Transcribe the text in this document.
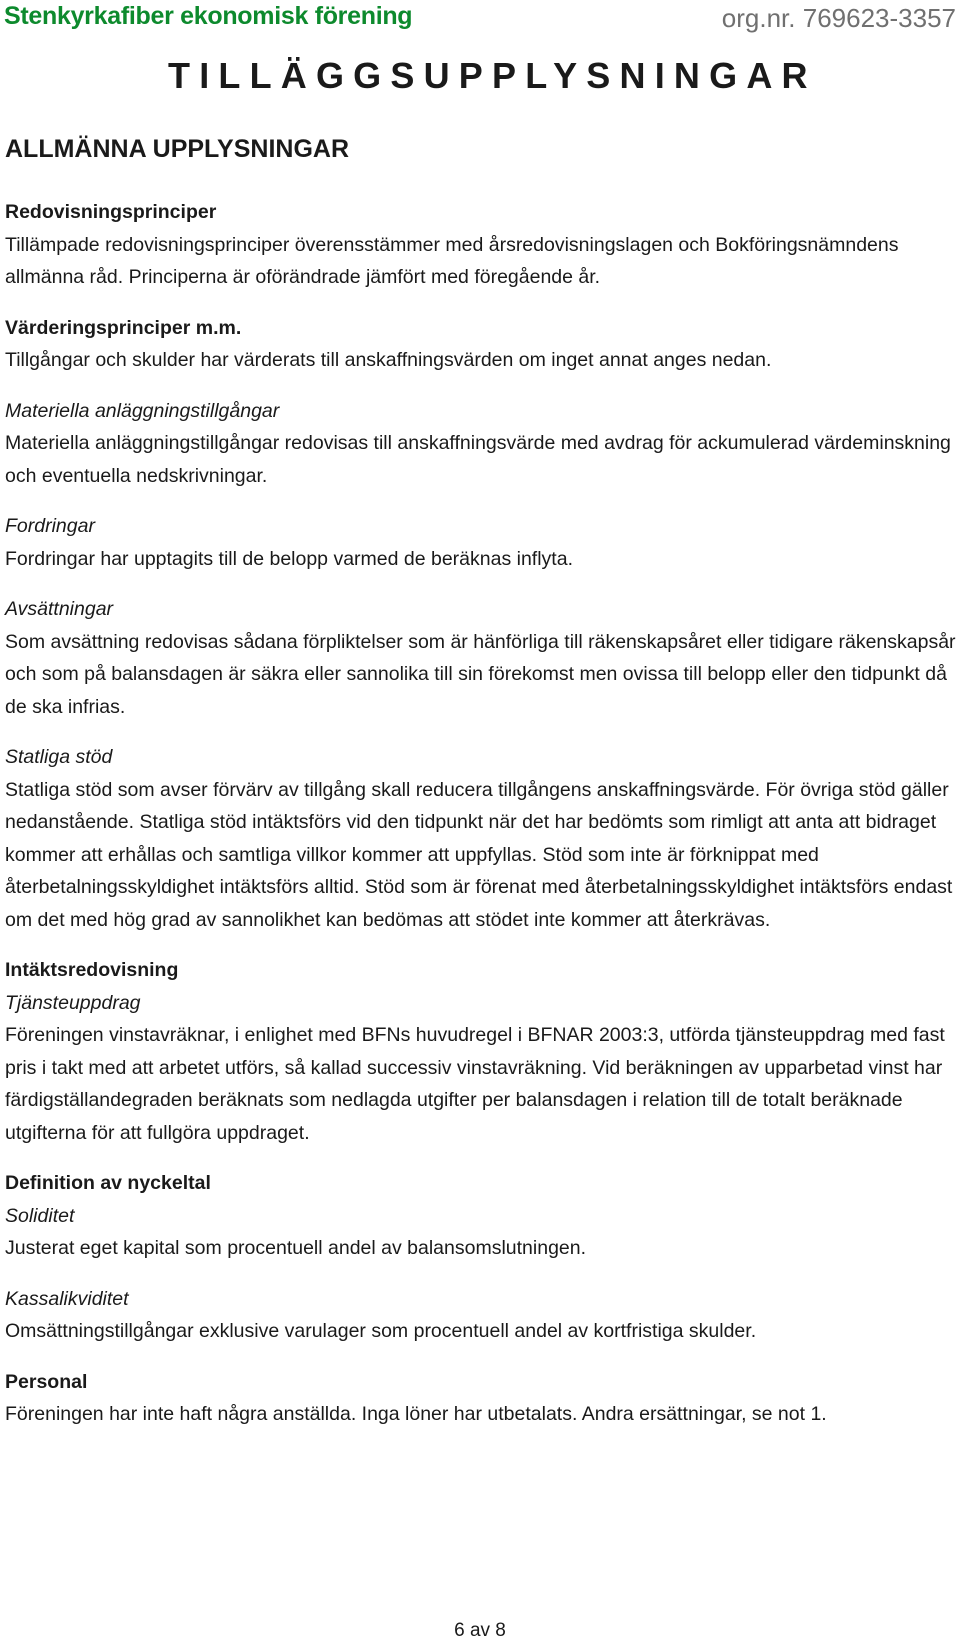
Stenkyrkafiber ekonomisk förening	org.nr. 769623-3357
TILLÄGGSUPPLYSNINGAR
ALLMÄNNA UPPLYSNINGAR

Redovisningsprinciper

Tillämpade redovisningsprinciper överensstämmer med årsredovisningslagen och Bokföringsnämndens allmänna råd. Principerna är oförändrade jämfört med föregående år.

Värderingsprinciper m.m.

Tillgångar och skulder har värderats till anskaffningsvärden om inget annat anges nedan.

Materiella anläggningstillgångar

Materiella anläggningstillgångar redovisas till anskaffningsvärde med avdrag för ackumulerad värdeminskning och eventuella nedskrivningar.

Fordringar

Fordringar har upptagits till de belopp varmed de beräknas inflyta.

Avsättningar

Som avsättning redovisas sådana förpliktelser som är hänförliga till räkenskapsåret eller tidigare räkenskapsår och som på balansdagen är säkra eller sannolika till sin förekomst men ovissa till belopp eller den tidpunkt då de ska infrias.

Statliga stöd

Statliga stöd som avser förvärv av tillgång skall reducera tillgångens anskaffningsvärde. För övriga stöd gäller nedanstående. Statliga stöd intäktsförs vid den tidpunkt när det har bedömts som rimligt att anta att bidraget kommer att erhållas och samtliga villkor kommer att uppfyllas. Stöd som inte är förknippat med återbetalningsskyldighet intäktsförs alltid. Stöd som är förenat med återbetalningsskyldighet intäktsförs endast om det med hög grad av sannolikhet kan bedömas att stödet inte kommer att återkrävas.

Intäktsredovisning

Tjänsteuppdrag

Föreningen vinstavräknar, i enlighet med BFNs huvudregel i BFNAR 2003:3, utförda tjänsteuppdrag med fast pris i takt med att arbetet utförs, så kallad successiv vinstavräkning. Vid beräkningen av upparbetad vinst har färdigställandegraden beräknats som nedlagda utgifter per balansdagen i relation till de totalt beräknade utgifterna för att fullgöra uppdraget.

Definition av nyckeltal

Soliditet

Justerat eget kapital som procentuell andel av balansomslutningen.

Kassalikviditet

Omsättningstillgångar exklusive varulager som procentuell andel av kortfristiga skulder.

Personal

Föreningen har inte haft några anställda. Inga löner har utbetalats. Andra ersättningar, se not 1.

6 av 8
